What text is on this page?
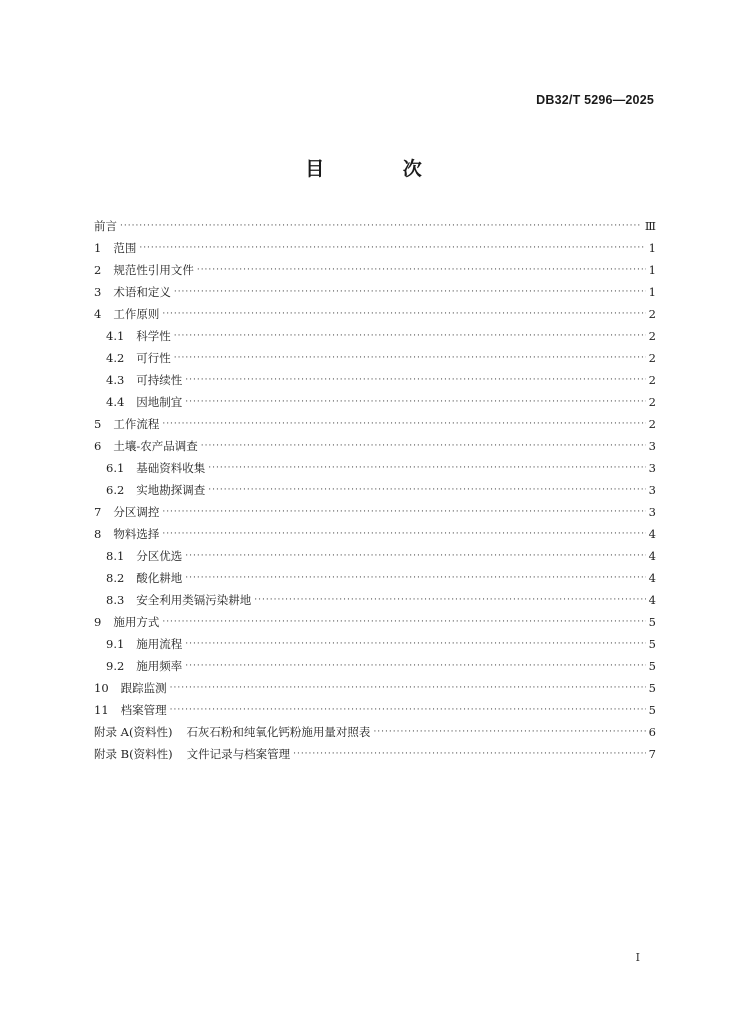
DB32/T 5296—2025
目 次
前言 ·····	Ⅲ
1 范围 ·····	1
2 规范性引用文件 ·····	1
3 术语和定义 ·····	1
4 工作原则 ·····	2
4.1 科学性 ·····	2
4.2 可行性 ·····	2
4.3 可持续性 ·····	2
4.4 因地制宜 ·····	2
5 工作流程 ·····	2
6 土壤-农产品调查 ·····	3
6.1 基础资料收集 ·····	3
6.2 实地勘探调查 ·····	3
7 分区调控 ·····	3
8 物料选择 ·····	4
8.1 分区优选 ·····	4
8.2 酸化耕地 ·····	4
8.3 安全利用类镉污染耕地 ·····	4
9 施用方式 ·····	5
9.1 施用流程 ·····	5
9.2 施用频率 ·····	5
10 跟踪监测 ·····	5
11 档案管理 ·····	5
附录 A(资料性) 石灰石粉和纯氧化钙粉施用量对照表 ·····	6
附录 B(资料性) 文件记录与档案管理 ·····	7
I
